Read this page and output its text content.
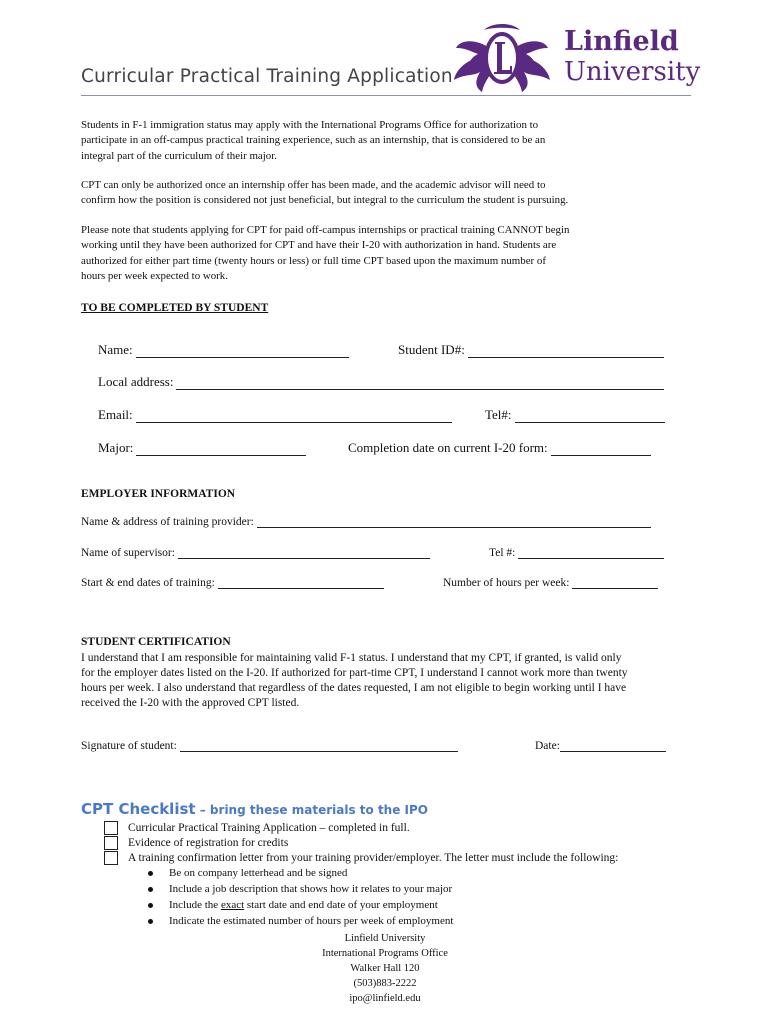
Curricular Practical Training Application
Linfield
University
Students in F-1 immigration status may apply with the International Programs Office for authorization to
participate in an off-campus practical training experience, such as an internship, that is considered to be an
integral part of the curriculum of their major.
CPT can only be authorized once an internship offer has been made, and the academic advisor will need to
confirm how the position is considered not just beneficial, but integral to the curriculum the student is pursuing.
Please note that students applying for CPT for paid off-campus internships or practical training CANNOT begin
working until they have been authorized for CPT and have their I-20 with authorization in hand. Students are
authorized for either part time (twenty hours or less) or full time CPT based upon the maximum number of
hours per week expected to work.
TO BE COMPLETED BY STUDENT
Name:	Student ID#:
Local address:
Email:	Tel#:
Major:	Completion date on current I-20 form:
EMPLOYER INFORMATION
Name & address of training provider:
Name of supervisor:	Tel #:
Start & end dates of training:	Number of hours per week:
STUDENT CERTIFICATION
I understand that I am responsible for maintaining valid F-1 status. I understand that my CPT, if granted, is valid only
for the employer dates listed on the I-20. If authorized for part-time CPT, I understand I cannot work more than twenty
hours per week. I also understand that regardless of the dates requested, I am not eligible to begin working until I have
received the I-20 with the approved CPT listed.
Signature of student:	Date:
CPT Checklist – bring these materials to the IPO
Curricular Practical Training Application – completed in full.
Evidence of registration for credits
A training confirmation letter from your training provider/employer. The letter must include the following:
Be on company letterhead and be signed
Include a job description that shows how it relates to your major
Include the exact start date and end date of your employment
Indicate the estimated number of hours per week of employment
Linfield University
International Programs Office
Walker Hall 120
(503)883-2222
ipo@linfield.edu
